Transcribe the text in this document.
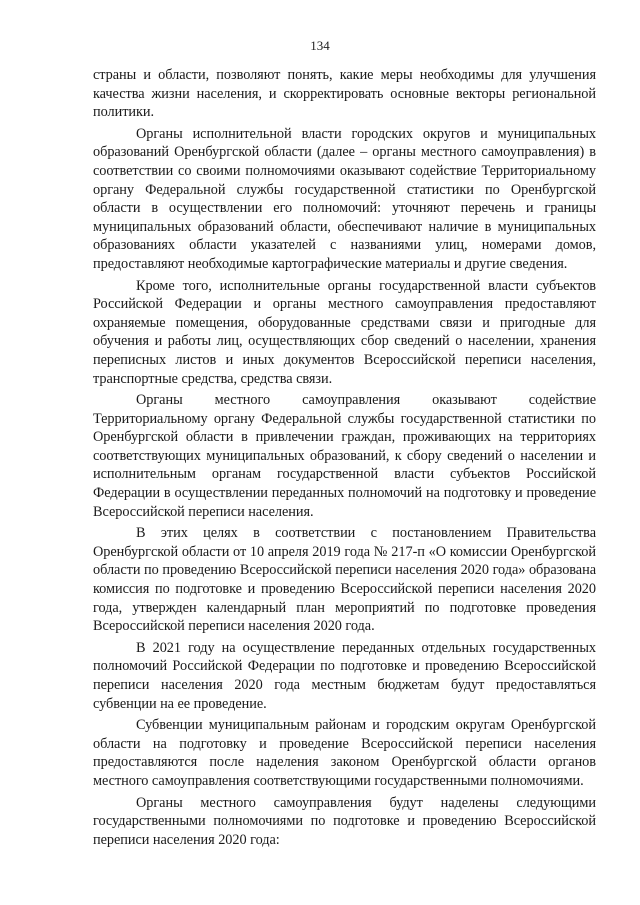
134

страны и области, позволяют понять, какие меры необходимы для улучшения качества жизни населения, и скорректировать основные векторы региональной политики.

Органы исполнительной власти городских округов и муниципальных образований Оренбургской области (далее – органы местного самоуправления) в соответствии со своими полномочиями оказывают содействие Территориальному органу Федеральной службы государственной статистики по Оренбургской области в осуществлении его полномочий: уточняют перечень и границы муниципальных образований области, обеспечивают наличие в муниципальных образованиях области указателей с названиями улиц, номерами домов, предоставляют необходимые картографические материалы и другие сведения.

Кроме того, исполнительные органы государственной власти субъектов Российской Федерации и органы местного самоуправления предоставляют охраняемые помещения, оборудованные средствами связи и пригодные для обучения и работы лиц, осуществляющих сбор сведений о населении, хранения переписных листов и иных документов Всероссийской переписи населения, транспортные средства, средства связи.

Органы местного самоуправления оказывают содействие Территориальному органу Федеральной службы государственной статистики по Оренбургской области в привлечении граждан, проживающих на территориях соответствующих муниципальных образований, к сбору сведений о населении и исполнительным органам государственной власти субъектов Российской Федерации в осуществлении переданных полномочий на подготовку и проведение Всероссийской переписи населения.

В этих целях в соответствии с постановлением Правительства Оренбургской области от 10 апреля 2019 года № 217-п «О комиссии Оренбургской области по проведению Всероссийской переписи населения 2020 года» образована комиссия по подготовке и проведению Всероссийской переписи населения 2020 года, утвержден календарный план мероприятий по подготовке проведения Всероссийской переписи населения 2020 года.

В 2021 году на осуществление переданных отдельных государственных полномочий Российской Федерации по подготовке и проведению Всероссийской переписи населения 2020 года местным бюджетам будут предоставляться субвенции на ее проведение.

Субвенции муниципальным районам и городским округам Оренбургской области на подготовку и проведение Всероссийской переписи населения предоставляются после наделения законом Оренбургской области органов местного самоуправления соответствующими государственными полномочиями.

Органы местного самоуправления будут наделены следующими государственными полномочиями по подготовке и проведению Всероссийской переписи населения 2020 года:
